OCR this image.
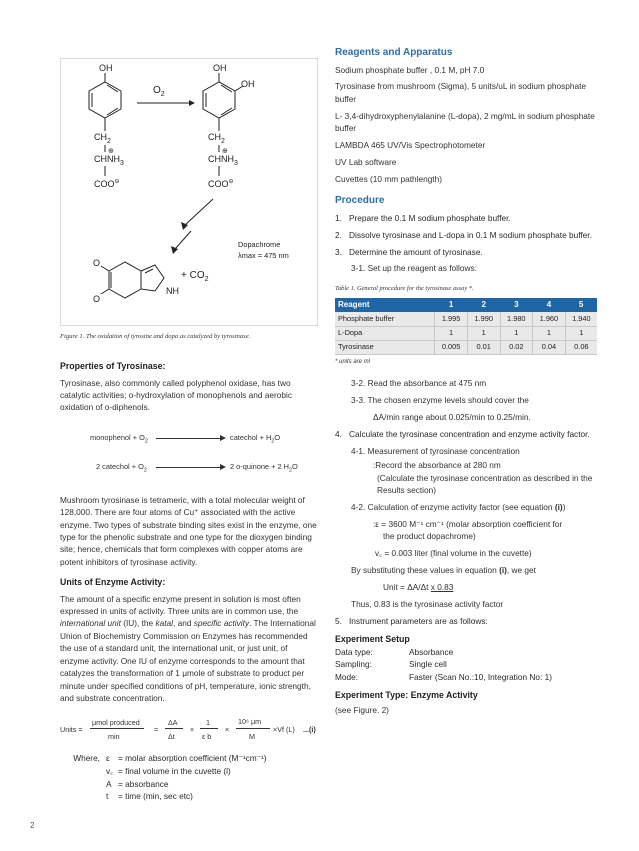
OH	OH
OH
$O_2$
$CH_2$	$CH_2$
⊕	⊕
$CHNH_3$	$CHNH_3$
COO⊖	COO⊖
Dopachrome
λmax = 475 nm
O
O
NH
+ $CO_2$
Figure 1. The oxidation of tyrosine and dopa as catalyzed by tyrosinase.
Properties of Tyrosinase:
Tyrosinase, also commonly called polyphenol oxidase, has two catalytic activities; o-hydroxylation of monophenols and aerobic oxidation of o-diphenols.
monophenol + $O_2$	catechol + $H_2O$
2 catechol + $O_2$	2 o-quinone + 2 $H_2O$
Mushroom tyrosinase is tetrameric, with a total molecular weight of 128,000. There are four atoms of Cu⁺ associated with the active enzyme. Two types of substrate binding sites exist in the enzyme, one type for the phenolic substrate and one type for the dioxygen binding site; hence, chemicals that form complexes with copper atoms are potent inhibitors of tyrosinase activity.
Units of Enzyme Activity:
The amount of a specific enzyme present in solution is most often expressed in units of activity. Three units are in common use, the international unit (IU), the katal, and specific activity. The International Union of Biochemistry Commission on Enzymes has recommended the use of a standard unit, the international unit, or just unit, of enzyme activity. One IU of enzyme corresponds to the amount that catalyzes the transformation of 1 μmole of substrate to product per minute under specified conditions of pH, temperature, ionic strength, and substrate concentration.
Units =
μmol produced
min
=
ΔA
Δt
×
1
ε b
×
10⁶ μm
M
×Vf (L) ...(i)
Where, ε = molar absorption coefficient (M⁻¹cm⁻¹)
v꜀ = final volume in the cuvette (l)
A = absorbance
t	= time (min, sec etc)
Reagents and Apparatus
Sodium phosphate buffer , 0.1 M, pH 7.0
Tyrosinase from mushroom (Sigma), 5 units/uL in sodium phosphate buffer
L- 3,4-dihydroxyphenylalanine (L-dopa), 2 mg/mL in sodium phosphate buffer
LAMBDA 465 UV/Vis Spectrophotometer
UV Lab software
Cuvettes (10 mm pathlength)
Procedure
1. Prepare the 0.1 M sodium phosphate buffer.
2. Dissolve tyrosinase and L-dopa in 0.1 M sodium phosphate buffer.
3. Determine the amount of tyrosinase.
3-1. Set up the reagent as follows:
Table 1. General procedure for the tyrosinase assay *.
Reagent	1	2	3	4	5
Phosphate buffer	1.995	1.990	1.980	1.960	1.940
L-Dopa	1	1	1	1	1
Tyrosinase	0.005	0.01	0.02	0.04	0.06
* units are ml
3-2. Read the absorbance at 475 nm
3-3. The chosen enzyme levels should cover the
ΔA/min range about 0.025/min to 0.25/min.
4. Calculate the tyrosinase concentration and enzyme activity factor.
4-1. Measurement of tyrosinase concentration
:Record the absorbance at 280 nm
(Calculate the tyrosinase concentration as described in the Results section)
4-2. Calculation of enzyme activity factor (see equation (i))
:ε = 3600 M⁻¹ cm⁻¹ (molar absorption coefficient for
the product dopachrome)
v꜀ = 0.003 liter (final volume in the cuvette)
By substituting these values in equation (i), we get
Unit = ΔA/Δt x 0.83
Thus, 0.83 is the tyrosinase activity factor
5. Instrument parameters are as follows:
Experiment Setup
Data type:	Absorbance
Sampling:	Single cell
Mode:	Faster (Scan No.:10, Integration No: 1)
Experiment Type: Enzyme Activity
(see Figure. 2)
2
